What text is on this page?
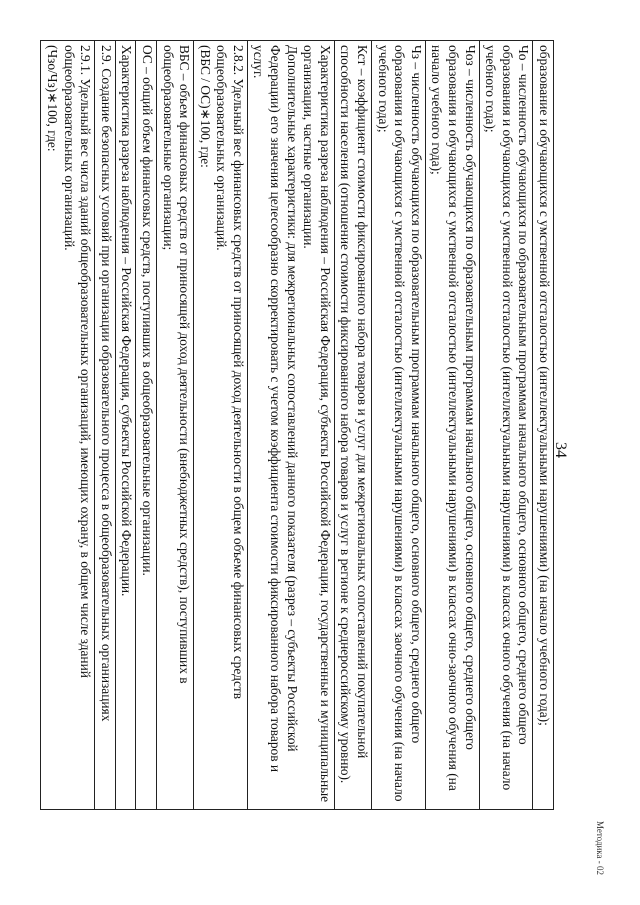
34
Методика - 02
образование и обучающихся с умственной отсталостью (интеллектуальными нарушениями) (на начало учебного года);

Чо – численность обучающихся по образовательным программам начального общего, основного общего, среднего общего образования и обучающихся с умственной отсталостью (интеллектуальными нарушениями) в классах очного обучения (на начало учебного года);

Чоз – численность обучающихся по образовательным программам начального общего, основного общего, среднего общего образования и обучающихся с умственной отсталостью (интеллектуальными нарушениями) в классах очно-заочного обучения (на начало учебного года);

Чз – численность обучающихся по образовательным программам начального общего, основного общего, среднего общего образования и обучающихся с умственной отсталостью (интеллектуальными нарушениями) в классах заочного обучения (на начало учебного года);

Кст – коэффициент стоимости фиксированного набора товаров и услуг для межрегиональных сопоставлений покупательной способности населения (отношение стоимости фиксированного набора товаров и услуг в регионе к среднероссийскому уровню).

Характеристика разреза наблюдения – Российская Федерация, субъекты Российской Федерации, государственные и муниципальные организации, частные организации.
Дополнительные характеристики: для межрегиональных сопоставлений данного показателя (разрез – субъекты Российской Федерации) его значения целесообразно скорректировать с учетом коэффициента стоимости фиксированного набора товаров и услуг.

2.8.2. Удельный вес финансовых средств от приносящей доход деятельности в общем объеме финансовых средств общеобразовательных организаций.
(ВБС / ОС)∗100, где:

ВБС – объем финансовых средств от приносящей доход деятельности (внебюджетных средств), поступивших в общеобразовательные организации;

ОС – общий объем финансовых средств, поступивших в общеобразовательные организации.

Характеристика разреза наблюдения – Российская Федерация, субъекты Российской Федерации.

2.9. Создание безопасных условий при организации образовательного процесса в общеобразовательных организациях

2.9.1. Удельный вес числа зданий общеобразовательных организаций, имеющих охрану, в общем числе зданий общеобразовательных организаций.
(Чзо/Чз)∗100, где:
